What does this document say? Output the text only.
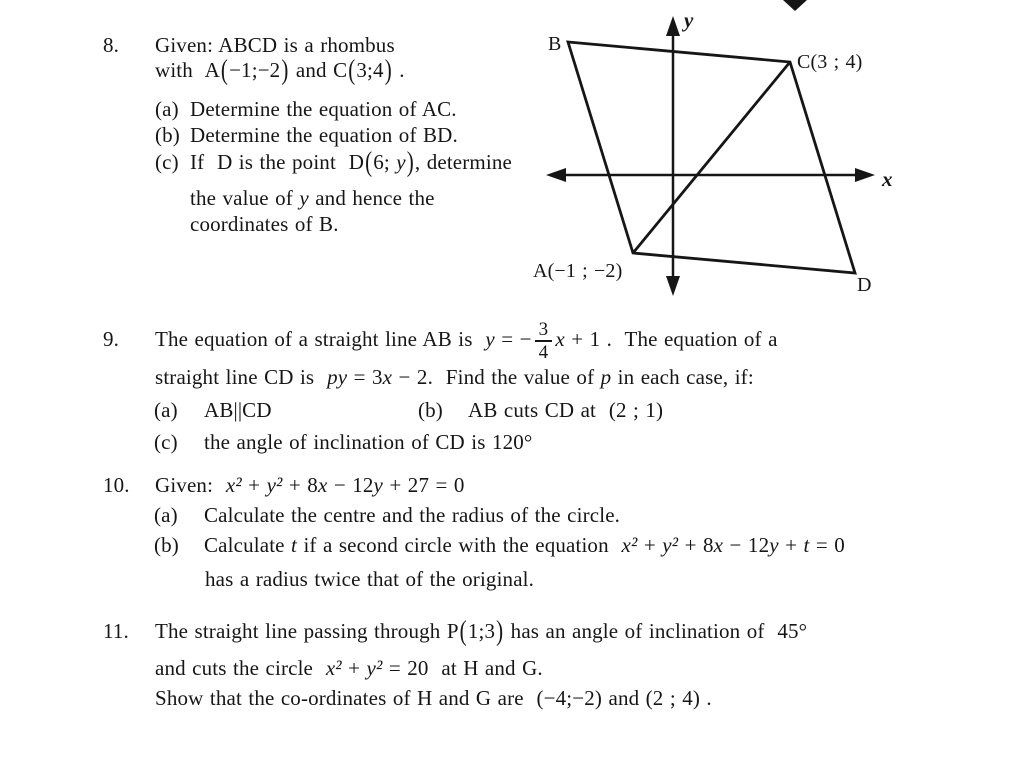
8. Given: ABCD is a rhombus
with  A(−1;−2) and C(3;4) .
(a) Determine the equation of AC.
(b) Determine the equation of BD.
(c) If  D is the point  D(6; y), determine
the value of y and hence the
coordinates of B.
y
x
B
C(3 ; 4)
A(−1 ; −2)
D
9. The equation of a straight line AB is  y = − $\frac{3}{4}$ x + 1 .  The equation of a
straight line CD is  py = 3x − 2.  Find the value of p in each case, if:
(a) AB||CD	(b) AB cuts CD at  (2 ; 1)
(c) the angle of inclination of CD is 120°
10. Given:  x² + y² + 8x − 12y + 27 = 0
(a) Calculate the centre and the radius of the circle.
(b) Calculate t if a second circle with the equation  x² + y² + 8x − 12y + t = 0
has a radius twice that of the original.
11. The straight line passing through P(1;3) has an angle of inclination of  45°
and cuts the circle  x² + y² = 20  at H and G.
Show that the co-ordinates of H and G are  (−4;−2) and (2 ; 4) .
